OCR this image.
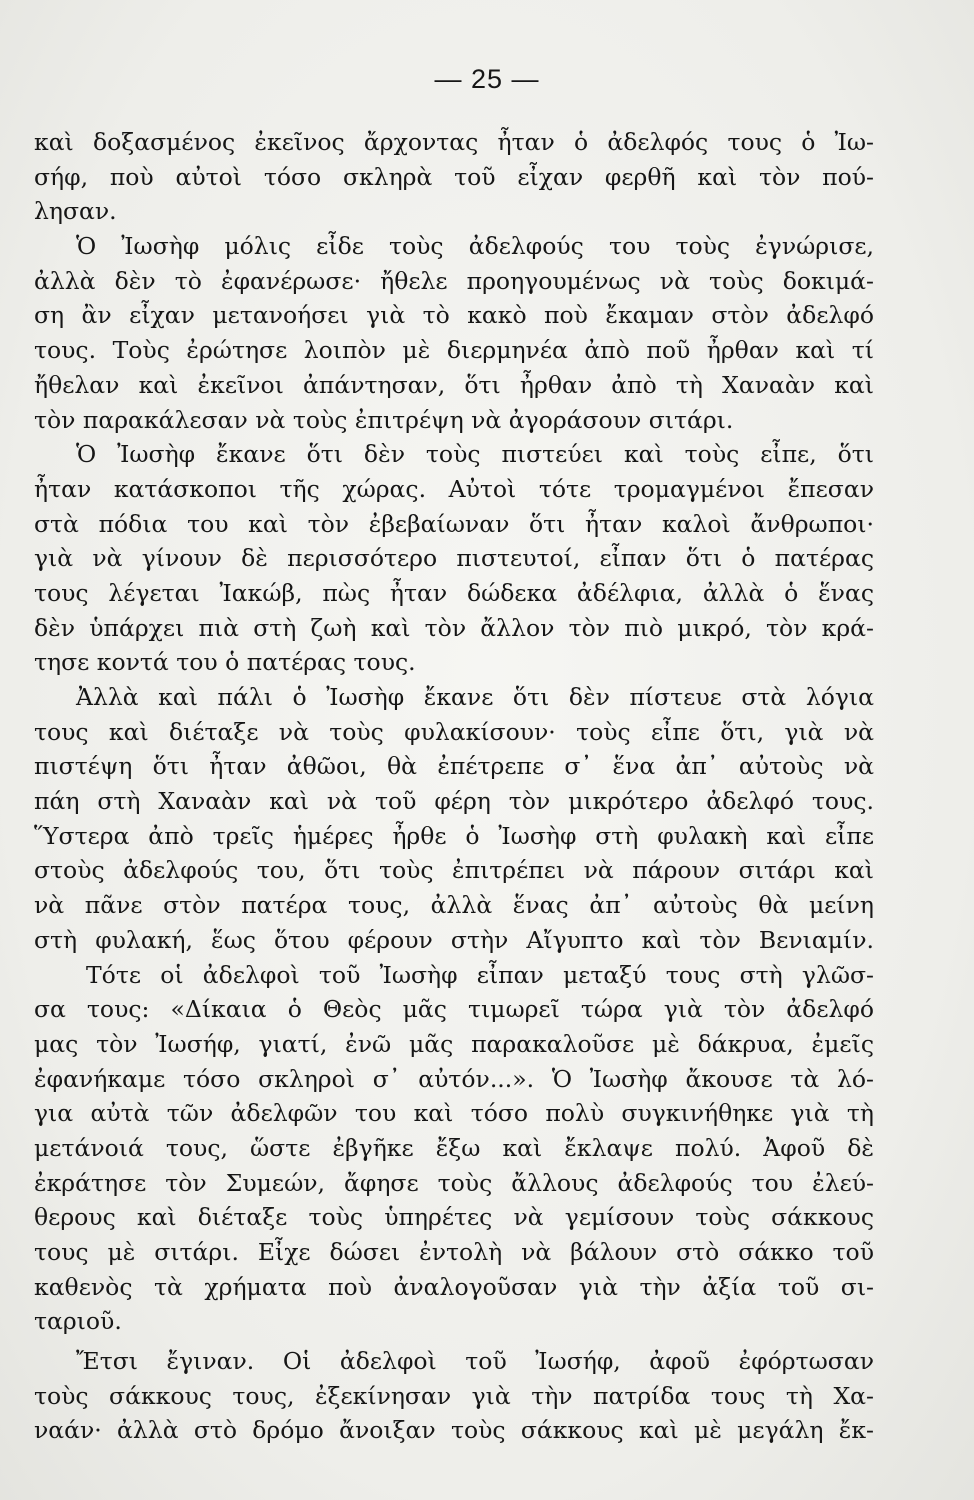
— 25 —
καὶ δοξασμένος ἐκεῖνος ἄρχοντας ἦταν ὁ ἀδελφός τους ὁ Ἰω-
σήφ, ποὺ αὐτοὶ τόσο σκληρὰ τοῦ εἶχαν φερθῆ καὶ τὸν πού-
λησαν.
Ὁ Ἰωσὴφ μόλις εἶδε τοὺς ἀδελφούς του τοὺς ἐγνώρισε,
ἀλλὰ δὲν τὸ ἐφανέρωσε· ἤθελε προηγουμένως νὰ τοὺς δοκιμά-
ση ἂν εἶχαν μετανοήσει γιὰ τὸ κακὸ ποὺ ἔκαμαν στὸν ἀδελφό
τους. Τοὺς ἐρώτησε λοιπὸν μὲ διερμηνέα ἀπὸ ποῦ ἦρθαν καὶ τί
ἤθελαν καὶ ἐκεῖνοι ἀπάντησαν, ὅτι ἦρθαν ἀπὸ τὴ Χαναὰν καὶ
τὸν παρακάλεσαν νὰ τοὺς ἐπιτρέψη νὰ ἀγοράσουν σιτάρι.
Ὁ Ἰωσὴφ ἔκανε ὅτι δὲν τοὺς πιστεύει καὶ τοὺς εἶπε, ὅτι
ἦταν κατάσκοποι τῆς χώρας. Αὐτοὶ τότε τρομαγμένοι ἔπεσαν
στὰ πόδια του καὶ τὸν ἐβεβαίωναν ὅτι ἦταν καλοὶ ἄνθρωποι·
γιὰ νὰ γίνουν δὲ περισσότερο πιστευτοί, εἶπαν ὅτι ὁ πατέρας
τους λέγεται Ἰακώβ, πὼς ἦταν δώδεκα ἀδέλφια, ἀλλὰ ὁ ἕνας
δὲν ὑπάρχει πιὰ στὴ ζωὴ καὶ τὸν ἄλλον τὸν πιὸ μικρό, τὸν κρά-
τησε κοντά του ὁ πατέρας τους.
Ἀλλὰ καὶ πάλι ὁ Ἰωσὴφ ἔκανε ὅτι δὲν πίστευε στὰ λόγια
τους καὶ διέταξε νὰ τοὺς φυλακίσουν· τοὺς εἶπε ὅτι, γιὰ νὰ
πιστέψη ὅτι ἦταν ἀθῶοι, θὰ ἐπέτρεπε σ᾿ ἕνα ἀπ᾿ αὐτοὺς νὰ
πάη στὴ Χαναὰν καὶ νὰ τοῦ φέρη τὸν μικρότερο ἀδελφό τους.
Ὕστερα ἀπὸ τρεῖς ἡμέρες ἦρθε ὁ Ἰωσὴφ στὴ φυλακὴ καὶ εἶπε
στοὺς ἀδελφούς του, ὅτι τοὺς ἐπιτρέπει νὰ πάρουν σιτάρι καὶ
νὰ πᾶνε στὸν πατέρα τους, ἀλλὰ ἕνας ἀπ᾿ αὐτοὺς θὰ μείνη
στὴ φυλακή, ἕως ὅτου φέρουν στὴν Αἴγυπτο καὶ τὸν Βενιαμίν.
Τότε οἱ ἀδελφοὶ τοῦ Ἰωσὴφ εἶπαν μεταξύ τους στὴ γλῶσ-
σα τους: «Δίκαια ὁ Θεὸς μᾶς τιμωρεῖ τώρα γιὰ τὸν ἀδελφό
μας τὸν Ἰωσήφ, γιατί, ἐνῶ μᾶς παρακαλοῦσε μὲ δάκρυα, ἐμεῖς
ἐφανήκαμε τόσο σκληροὶ σ᾿ αὐτόν...». Ὁ Ἰωσὴφ ἄκουσε τὰ λό-
για αὐτὰ τῶν ἀδελφῶν του καὶ τόσο πολὺ συγκινήθηκε γιὰ τὴ
μετάνοιά τους, ὥστε ἐβγῆκε ἔξω καὶ ἔκλαψε πολύ. Ἀφοῦ δὲ
ἐκράτησε τὸν Συμεών, ἄφησε τοὺς ἄλλους ἀδελφούς του ἐλεύ-
θερους καὶ διέταξε τοὺς ὑπηρέτες νὰ γεμίσουν τοὺς σάκκους
τους μὲ σιτάρι. Εἶχε δώσει ἐντολὴ νὰ βάλουν στὸ σάκκο τοῦ
καθενὸς τὰ χρήματα ποὺ ἀναλογοῦσαν γιὰ τὴν ἀξία τοῦ σι-
ταριοῦ.
Ἔτσι ἔγιναν. Οἱ ἀδελφοὶ τοῦ Ἰωσήφ, ἀφοῦ ἐφόρτωσαν
τοὺς σάκκους τους, ἐξεκίνησαν γιὰ τὴν πατρίδα τους τὴ Χα-
ναάν· ἀλλὰ στὸ δρόμο ἄνοιξαν τοὺς σάκκους καὶ μὲ μεγάλη ἔκ-
